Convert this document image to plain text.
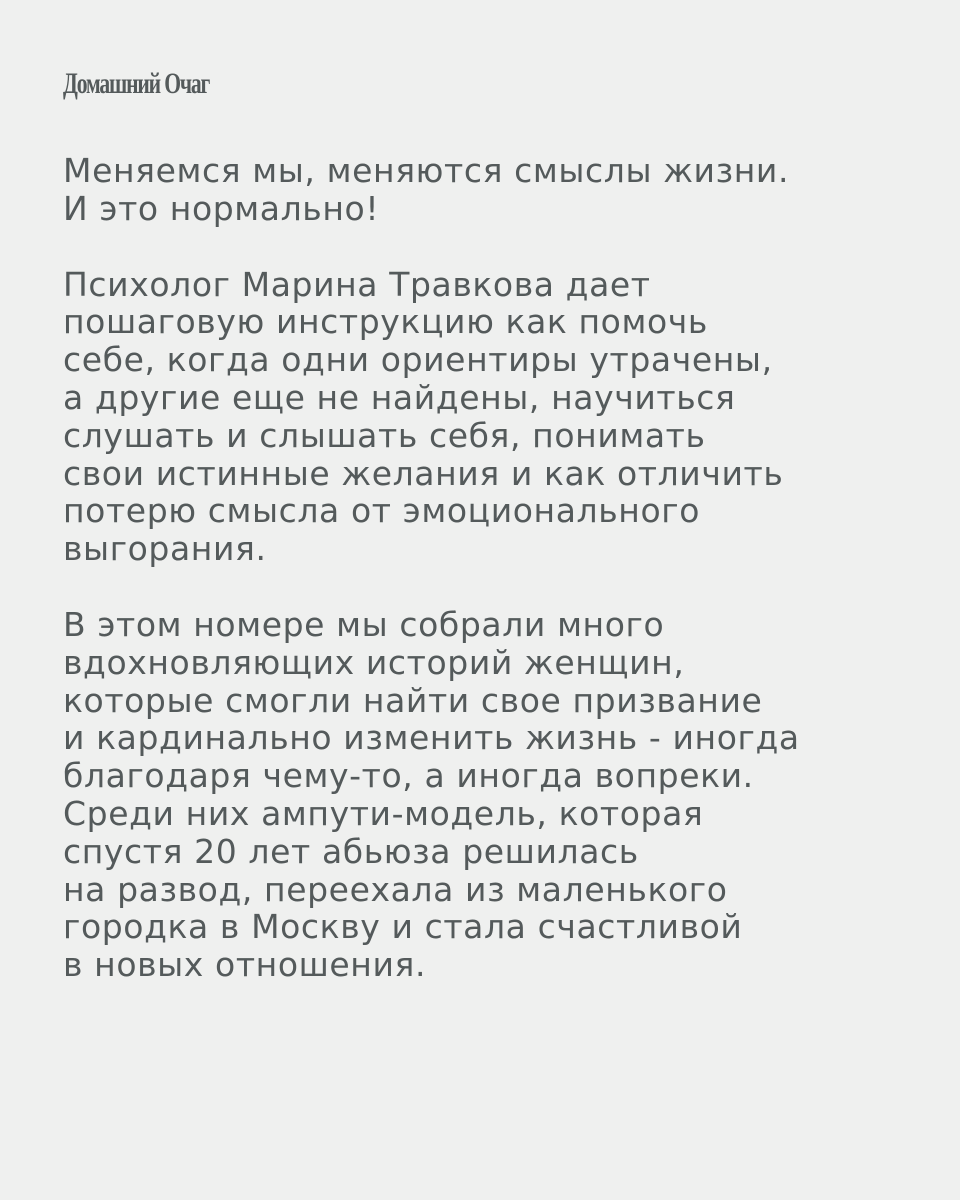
Домашний Очаг
Меняемся мы, меняются смыслы жизни.
И это нормально!
Психолог Марина Травкова дает
пошаговую инструкцию как помочь
себе, когда одни ориентиры утрачены,
а другие еще не найдены, научиться
слушать и слышать себя, понимать
свои истинные желания и как отличить
потерю смысла от эмоционального
выгорания.
В этом номере мы собрали много
вдохновляющих историй женщин,
которые смогли найти свое призвание
и кардинально изменить жизнь - иногда
благодаря чему-то, а иногда вопреки.
Среди них ампути-модель, которая
спустя 20 лет абьюза решилась
на развод, переехала из маленького
городка в Москву и стала счастливой
в новых отношения.
